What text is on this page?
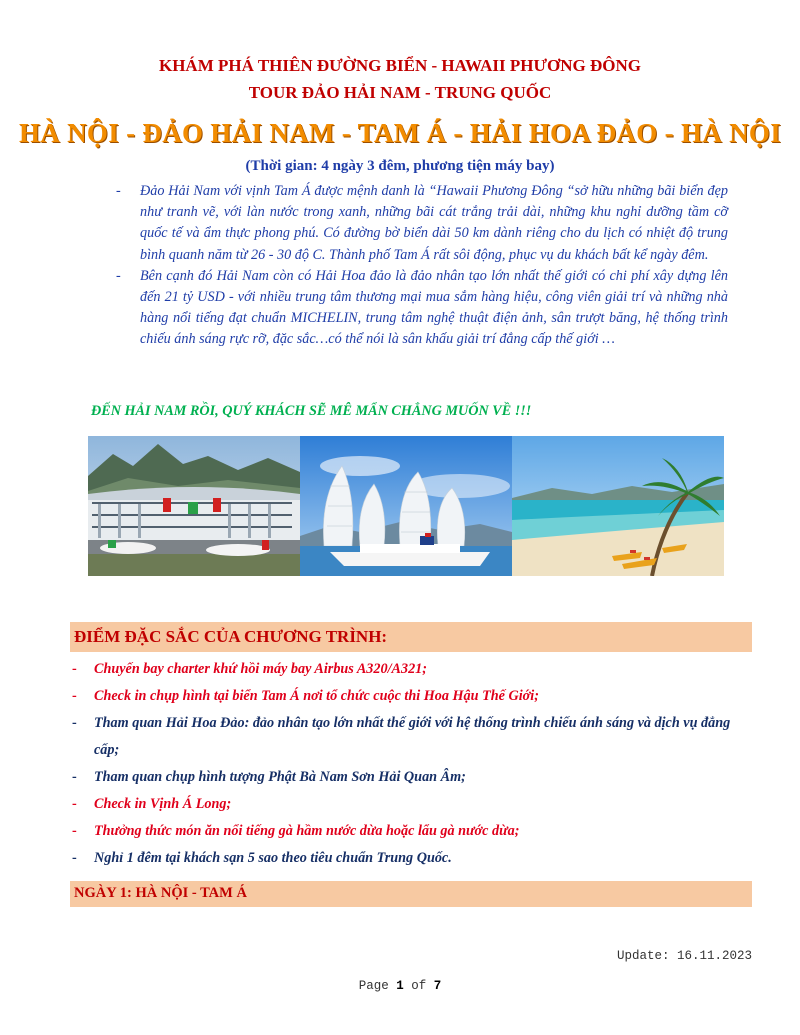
KHÁM PHÁ THIÊN ĐƯỜNG BIỂN - HAWAII PHƯƠNG ĐÔNG
TOUR ĐẢO HẢI NAM - TRUNG QUỐC
HÀ NỘI - ĐẢO HẢI NAM - TAM Á - HẢI HOA ĐẢO - HÀ NỘI
(Thời gian: 4 ngày 3 đêm, phương tiện máy bay)
- Đảo Hải Nam với vịnh Tam Á được mệnh danh là “Hawaii Phương Đông “sở hữu những bãi biển đẹp như tranh vẽ, với làn nước trong xanh, những bãi cát trắng trải dài, những khu nghỉ dưỡng tầm cỡ quốc tế và ẩm thực phong phú. Có đường bờ biển dài 50 km dành riêng cho du lịch có nhiệt độ trung bình quanh năm từ 26 - 30 độ C. Thành phố Tam Á rất sôi động, phục vụ du khách bất kể ngày đêm.
- Bên cạnh đó Hải Nam còn có Hải Hoa đảo là đảo nhân tạo lớn nhất thế giới có chi phí xây dựng lên đến 21 tỷ USD - với nhiều trung tâm thương mại mua sắm hàng hiệu, công viên giải trí và những nhà hàng nổi tiếng đạt chuẩn MICHELIN, trung tâm nghệ thuật điện ảnh, sân trượt băng, hệ thống trình chiếu ánh sáng rực rỡ, đặc sắc…có thể nói là sân khấu giải trí đẳng cấp thế giới …
ĐẾN HẢI NAM RỒI, QUÝ KHÁCH SẼ MÊ MẨN CHẲNG MUỐN VỀ !!!
ĐIỂM ĐẶC SẮC CỦA CHƯƠNG TRÌNH:
- Chuyến bay charter khứ hồi máy bay Airbus A320/A321;
- Check in chụp hình tại biển Tam Á nơi tổ chức cuộc thi Hoa Hậu Thế Giới;
- Tham quan Hải Hoa Đảo: đảo nhân tạo lớn nhất thế giới với hệ thống trình chiếu ánh sáng và dịch vụ đẳng cấp;
- Tham quan chụp hình tượng Phật Bà Nam Sơn Hải Quan Âm;
- Check in Vịnh Á Long;
- Thưởng thức món ăn nổi tiếng gà hầm nước dừa hoặc lẩu gà nước dừa;
- Nghỉ 1 đêm tại khách sạn 5 sao theo tiêu chuẩn Trung Quốc.
NGÀY 1: HÀ NỘI - TAM Á
Update: 16.11.2023
Page 1 of 7
